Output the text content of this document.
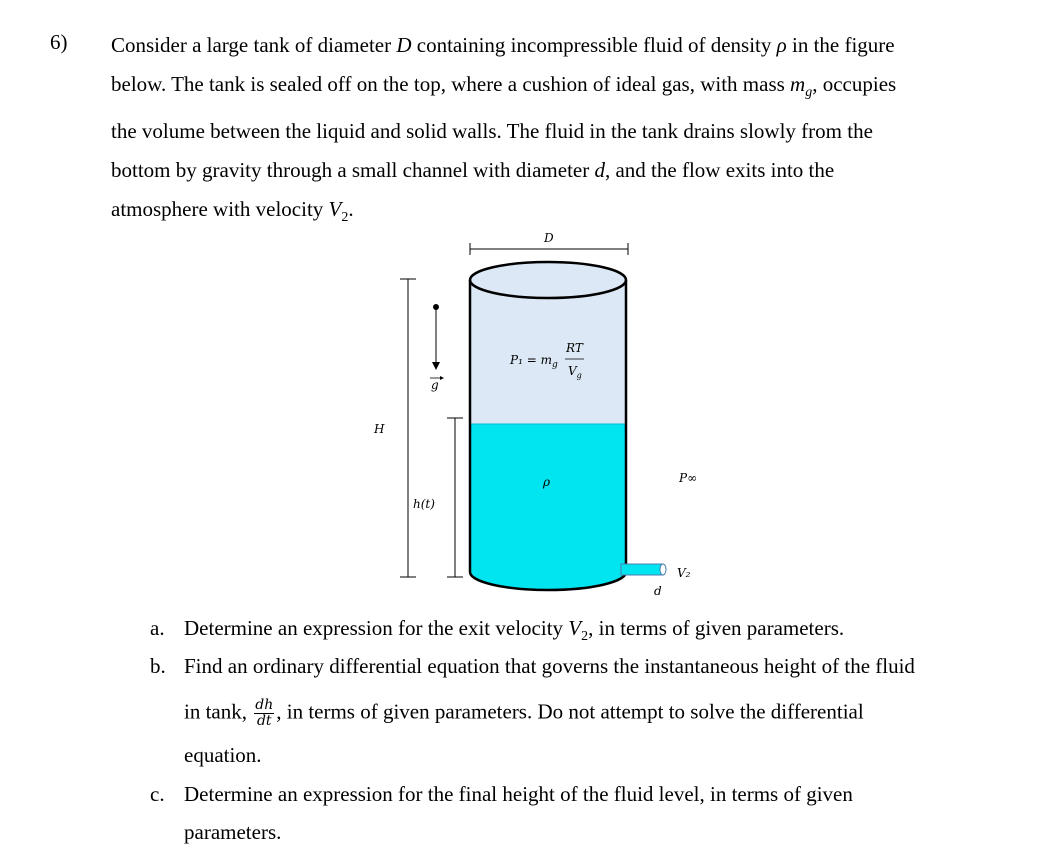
6) Consider a large tank of diameter D containing incompressible fluid of density ρ in the figure

below. The tank is sealed off on the top, where a cushion of ideal gas, with mass $m_g$, occupies

the volume between the liquid and solid walls. The fluid in the tank drains slowly from the

bottom by gravity through a small channel with diameter d, and the flow exits into the

atmosphere with velocity $V_2$.

D
H
h(t)
g
$P_1 = m_g$
RT
$V_g$
ρ	P∞
V₂
d
a. Determine an expression for the exit velocity $V_2$, in terms of given parameters.
b. Find an ordinary differential equation that governs the instantaneous height of the fluid
in tank, $\frac{dh}{dt}$ , in terms of given parameters. Do not attempt to solve the differential
equation.
c. Determine an expression for the final height of the fluid level, in terms of given
parameters.
